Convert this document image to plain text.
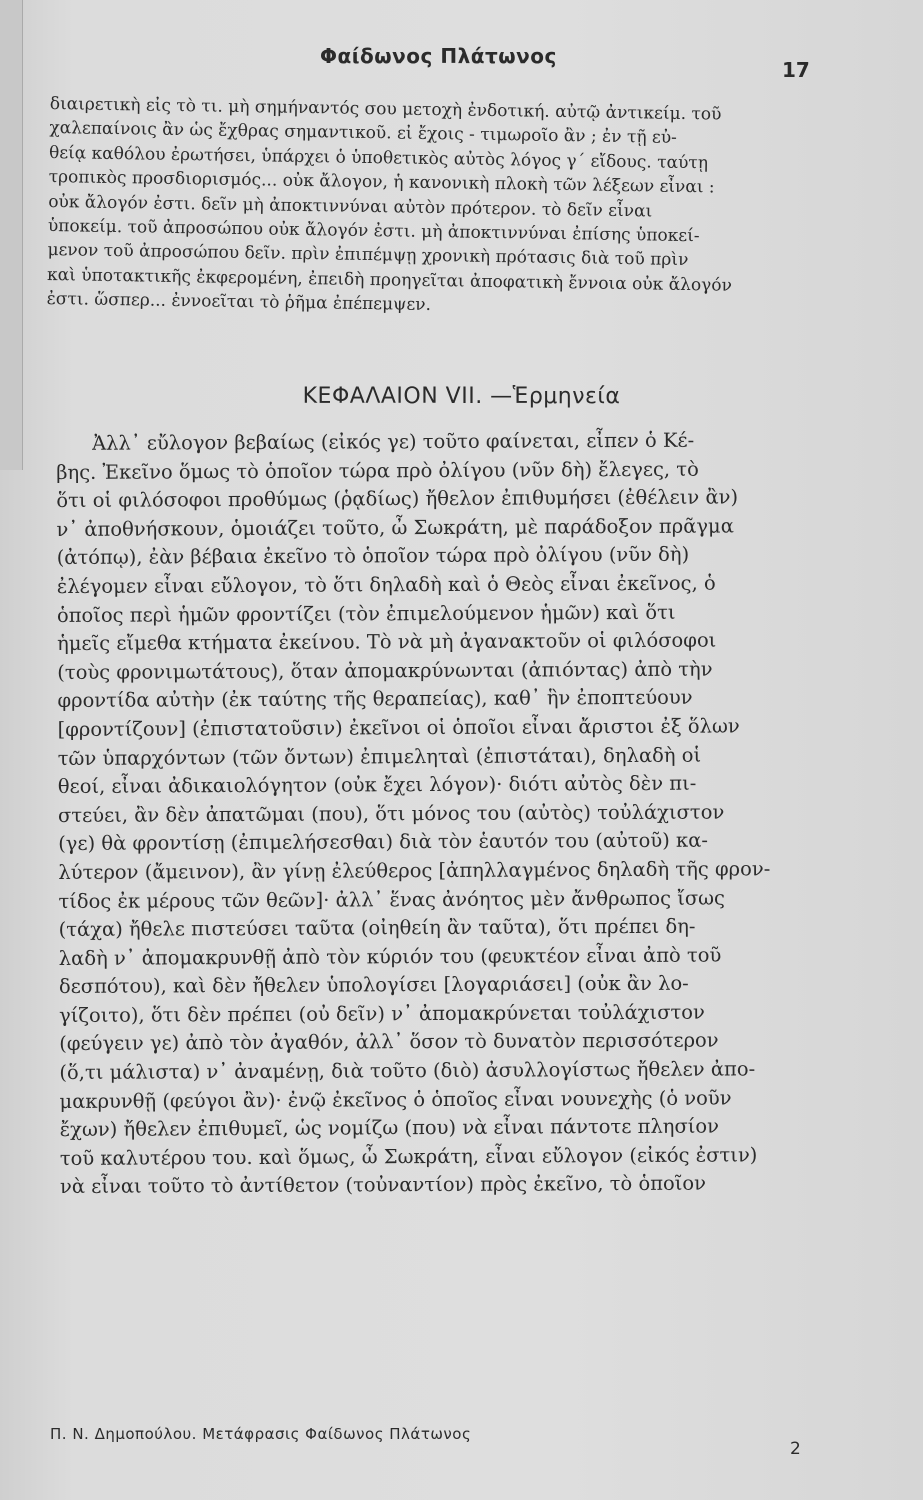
Φαίδωνος Πλάτωνος
17

διαιρετικὴ εἰς τὸ τι. μὴ σημήναντός σου μετοχὴ ἐνδοτική. αὐτῷ ἀντικείμ. τοῦ
χαλεπαίνοις ἂν ὡς ἔχθρας σημαντικοῦ. εἰ ἔχοις - τιμωροῖο ἂν ; ἐν τῇ εὐ-
θείᾳ καθόλου ἐρωτήσει, ὑπάρχει ὁ ὑποθετικὸς αὐτὸς λόγος γ΄ εἴδους. ταύτῃ
τροπικὸς προσδιορισμός... οὐκ ἄλογον, ἡ κανονικὴ πλοκὴ τῶν λέξεων εἶναι :
οὐκ ἄλογόν ἐστι. δεῖν μὴ ἀποκτιννύναι αὐτὸν πρότερον. τὸ δεῖν εἶναι
ὑποκείμ. τοῦ ἀπροσώπου οὐκ ἄλογόν ἐστι. μὴ ἀποκτιννύναι ἐπίσης ὑποκεί-
μενον τοῦ ἀπροσώπου δεῖν. πρὶν ἐπιπέμψῃ χρονικὴ πρότασις διὰ τοῦ πρὶν
καὶ ὑποτακτικῆς ἐκφερομένη, ἐπειδὴ προηγεῖται ἀποφατικὴ ἔννοια οὐκ ἄλογόν
ἐστι. ὥσπερ... ἐννοεῖται τὸ ῥῆμα ἐπέπεμψεν.

ΚΕΦΑΛΑΙΟΝ VII. —Ἑρμηνεία
Ἀλλ᾿ εὔλογον βεβαίως (εἰκός γε) τοῦτο φαίνεται, εἶπεν ὁ Κέ-
βης. Ἐκεῖνο ὅμως τὸ ὁποῖον τώρα πρὸ ὀλίγου (νῦν δὴ) ἔλεγες, τὸ
ὅτι οἱ φιλόσοφοι προθύμως (ῥᾳδίως) ἤθελον ἐπιθυμήσει (ἐθέλειν ἂν)
ν᾿ ἀποθνήσκουν, ὁμοιάζει τοῦτο, ὦ Σωκράτη, μὲ παράδοξον πρᾶγμα
(ἀτόπῳ), ἐὰν βέβαια ἐκεῖνο τὸ ὁποῖον τώρα πρὸ ὀλίγου (νῦν δὴ)
ἐλέγομεν εἶναι εὔλογον, τὸ ὅτι δηλαδὴ καὶ ὁ Θεὸς εἶναι ἐκεῖνος, ὁ
ὁποῖος περὶ ἡμῶν φροντίζει (τὸν ἐπιμελούμενον ἡμῶν) καὶ ὅτι
ἡμεῖς εἴμεθα κτήματα ἐκείνου. Τὸ νὰ μὴ ἀγανακτοῦν οἱ φιλόσοφοι
(τοὺς φρονιμωτάτους), ὅταν ἀπομακρύνωνται (ἀπιόντας) ἀπὸ τὴν
φροντίδα αὐτὴν (ἐκ ταύτης τῆς θεραπείας), καθ᾿ ἣν ἐποπτεύουν
[φροντίζουν] (ἐπιστατοῦσιν) ἐκεῖνοι οἱ ὁποῖοι εἶναι ἄριστοι ἐξ ὅλων
τῶν ὑπαρχόντων (τῶν ὄντων) ἐπιμεληταὶ (ἐπιστάται), δηλαδὴ οἱ
θεοί, εἶναι ἀδικαιολόγητον (οὐκ ἔχει λόγον)· διότι αὐτὸς δὲν πι-
στεύει, ἂν δὲν ἀπατῶμαι (που), ὅτι μόνος του (αὐτὸς) τοὐλάχιστον
(γε) θὰ φροντίσῃ (ἐπιμελήσεσθαι) διὰ τὸν ἑαυτόν του (αὐτοῦ) κα-
λύτερον (ἄμεινον), ἂν γίνῃ ἐλεύθερος [ἀπηλλαγμένος δηλαδὴ τῆς φρον-
τίδος ἐκ μέρους τῶν θεῶν]· ἀλλ᾿ ἕνας ἀνόητος μὲν ἄνθρωπος ἴσως
(τάχα) ἤθελε πιστεύσει ταῦτα (οἰηθείη ἂν ταῦτα), ὅτι πρέπει δη-
λαδὴ ν᾿ ἀπομακρυνθῇ ἀπὸ τὸν κύριόν του (φευκτέον εἶναι ἀπὸ τοῦ
δεσπότου), καὶ δὲν ἤθελεν ὑπολογίσει [λογαριάσει] (οὐκ ἂν λο-
γίζοιτο), ὅτι δὲν πρέπει (οὐ δεῖν) ν᾿ ἀπομακρύνεται τοὐλάχιστον
(φεύγειν γε) ἀπὸ τὸν ἀγαθόν, ἀλλ᾿ ὅσον τὸ δυνατὸν περισσότερον
(ὅ,τι μάλιστα) ν᾿ ἀναμένῃ, διὰ τοῦτο (διὸ) ἀσυλλογίστως ἤθελεν ἀπο-
μακρυνθῇ (φεύγοι ἂν)· ἐνῷ ἐκεῖνος ὁ ὁποῖος εἶναι νουνεχὴς (ὁ νοῦν
ἔχων) ἤθελεν ἐπιθυμεῖ, ὡς νομίζω (που) νὰ εἶναι πάντοτε πλησίον
τοῦ καλυτέρου του. καὶ ὅμως, ὦ Σωκράτη, εἶναι εὔλογον (εἰκός ἐστιν)
νὰ εἶναι τοῦτο τὸ ἀντίθετον (τοὐναντίον) πρὸς ἐκεῖνο, τὸ ὁποῖον
Π. Ν. Δημοπούλου. Μετάφρασις Φαίδωνος Πλάτωνος
2
